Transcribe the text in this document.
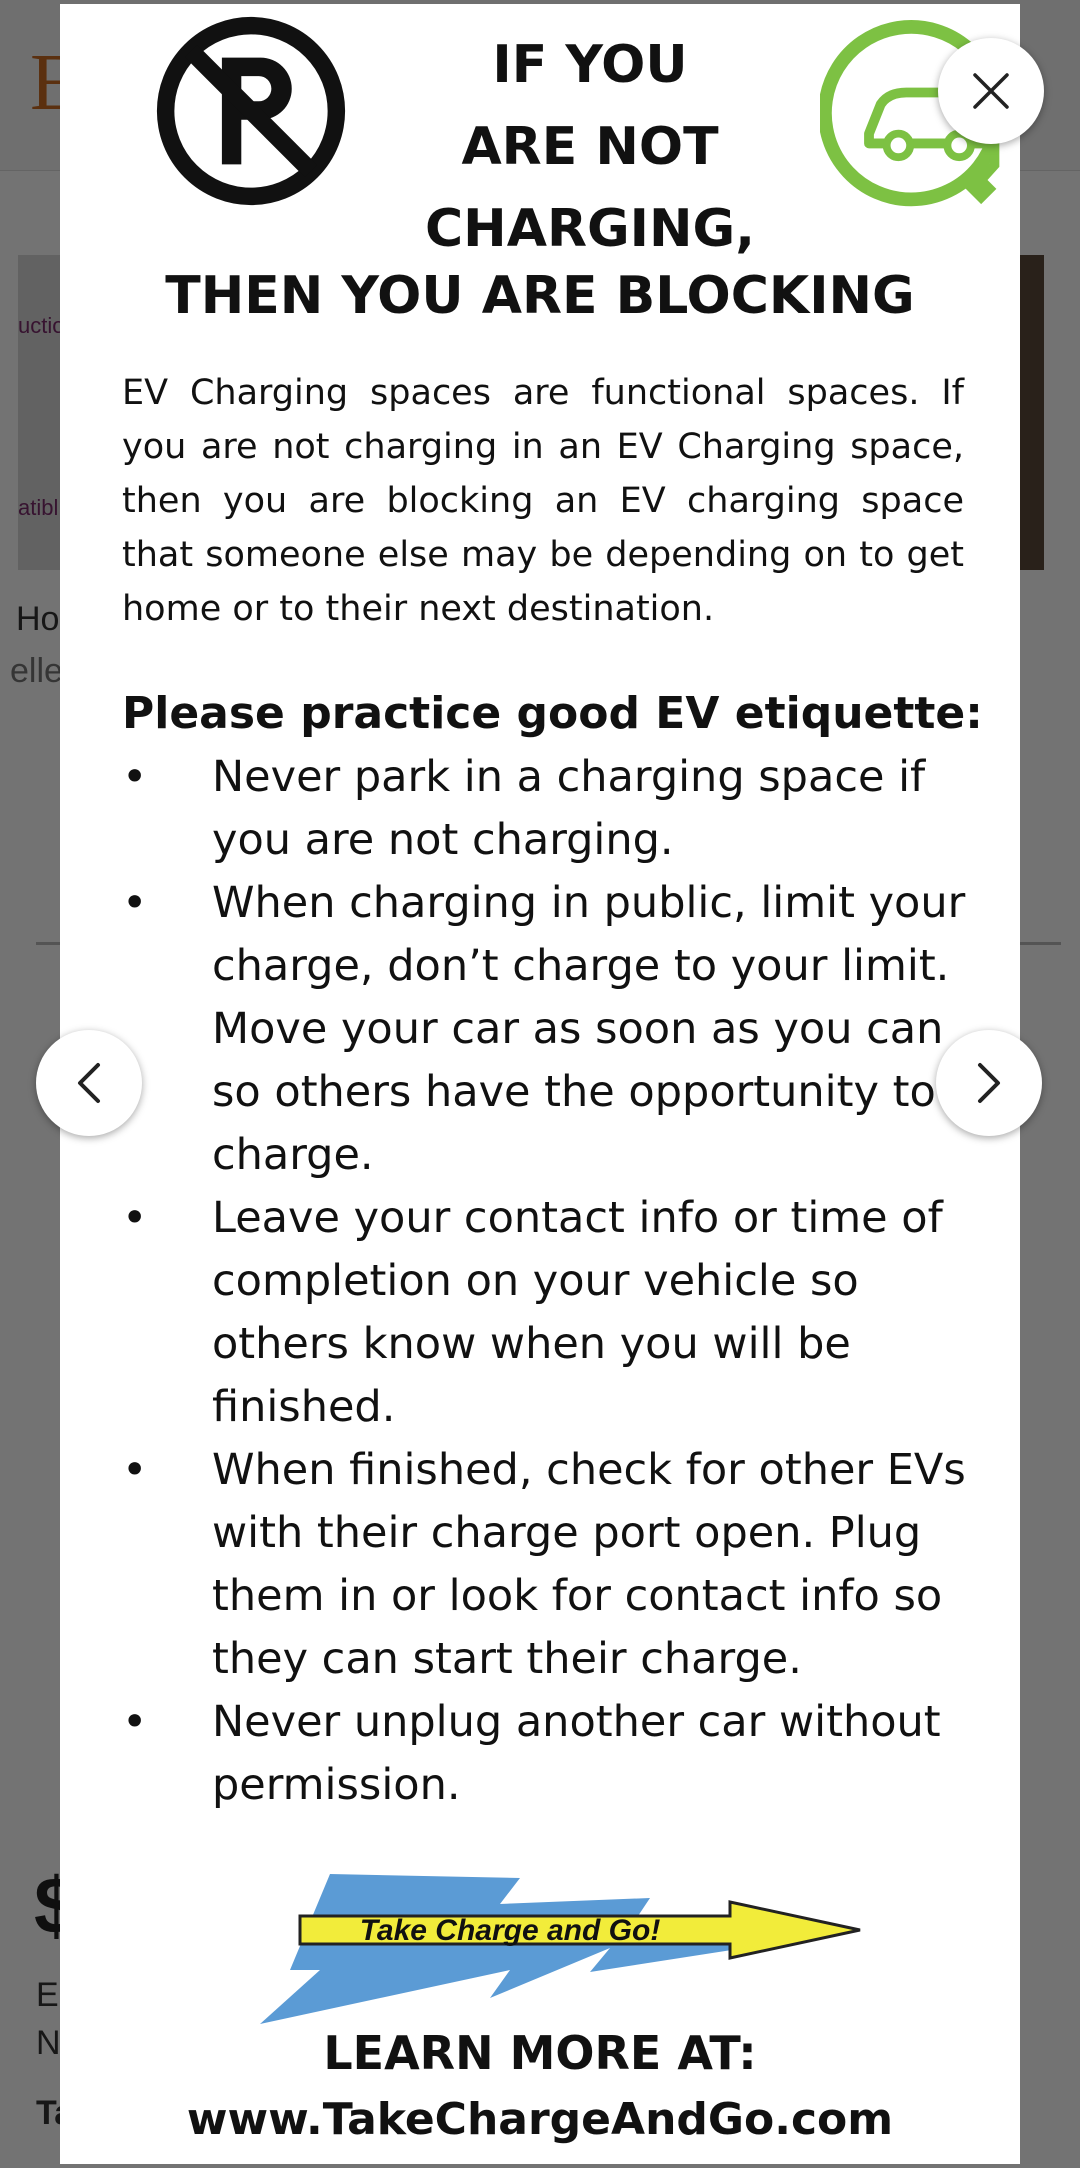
IF YOU
ARE NOT
CHARGING,
THEN YOU ARE BLOCKING
EV Charging spaces are functional spaces. If you are not charging in an EV Charging space, then you are blocking an EV charging space that someone else may be depending on to get home or to their next destination.
Please practice good EV etiquette:
• Never park in a charging space if you are not charging.
• When charging in public, limit your charge, don’t charge to your limit. Move your car as soon as you can so others have the opportunity to charge.
• Leave your contact info or time of completion on your vehicle so others know when you will be finished.
• When finished, check for other EVs with their charge port open. Plug them in or look for contact info so they can start their charge.
• Never unplug another car without permission.
Take Charge and Go!
LEARN MORE AT:
www.TakeChargeAndGo.com
